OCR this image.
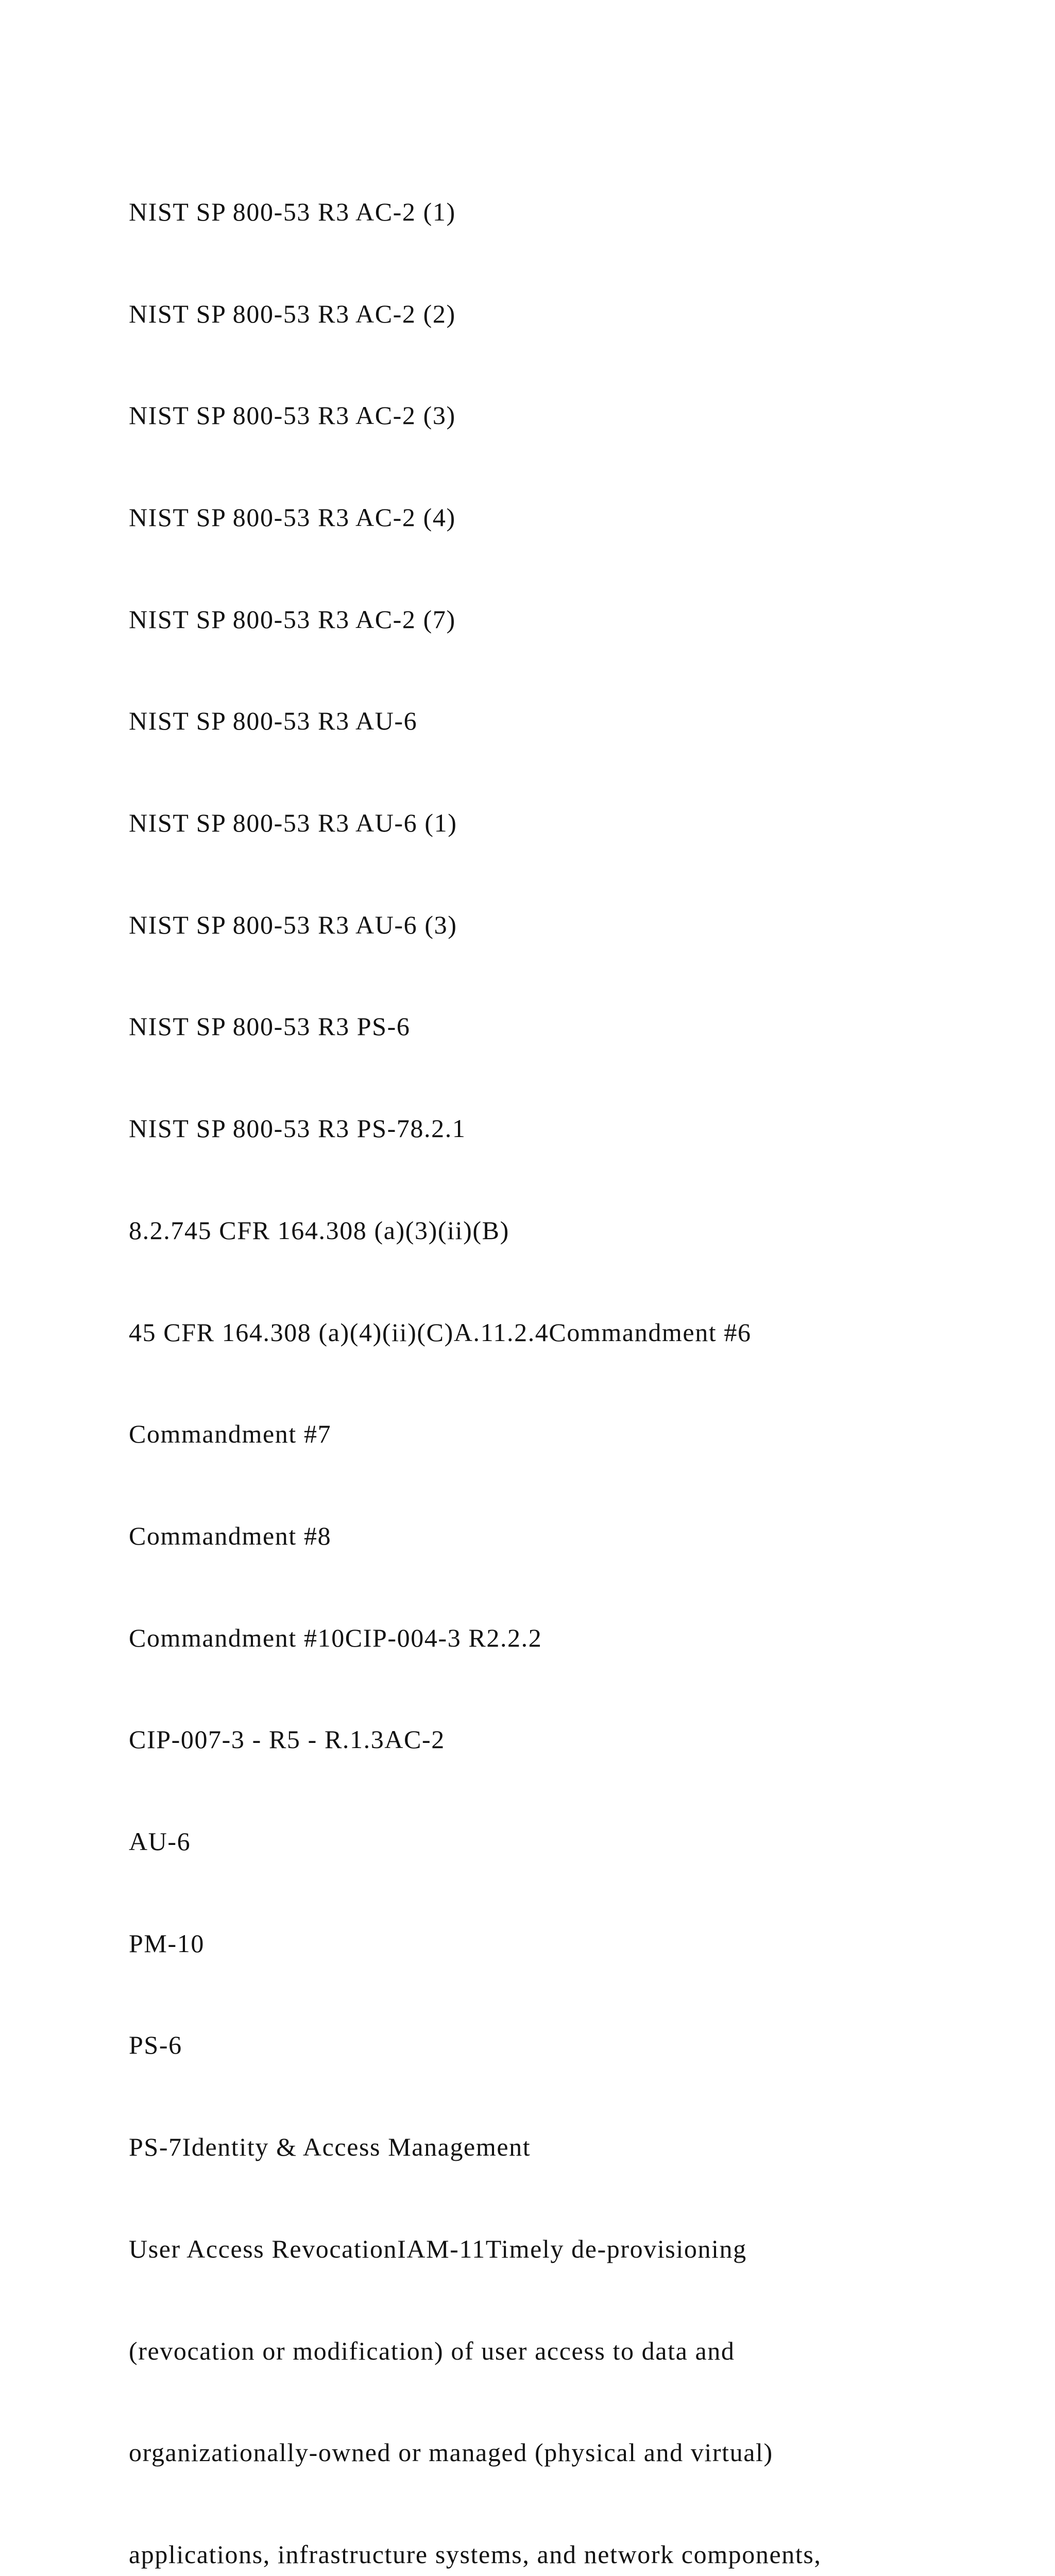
NIST SP 800-53 R3 AC-2 (1)

NIST SP 800-53 R3 AC-2 (2)

NIST SP 800-53 R3 AC-2 (3)

NIST SP 800-53 R3 AC-2 (4)

NIST SP 800-53 R3 AC-2 (7)

NIST SP 800-53 R3 AU-6

NIST SP 800-53 R3 AU-6 (1)

NIST SP 800-53 R3 AU-6 (3)

NIST SP 800-53 R3 PS-6

NIST SP 800-53 R3 PS-78.2.1

8.2.745 CFR 164.308 (a)(3)(ii)(B)

45 CFR 164.308 (a)(4)(ii)(C)A.11.2.4Commandment #6

Commandment #7

Commandment #8

Commandment #10CIP-004-3 R2.2.2

CIP-007-3 - R5 - R.1.3AC-2

AU-6

PM-10

PS-6

PS-7Identity & Access Management

User Access RevocationIAM-11Timely de-provisioning

(revocation or modification) of user access to data and

organizationally-owned or managed (physical and virtual)

applications, infrastructure systems, and network components,
